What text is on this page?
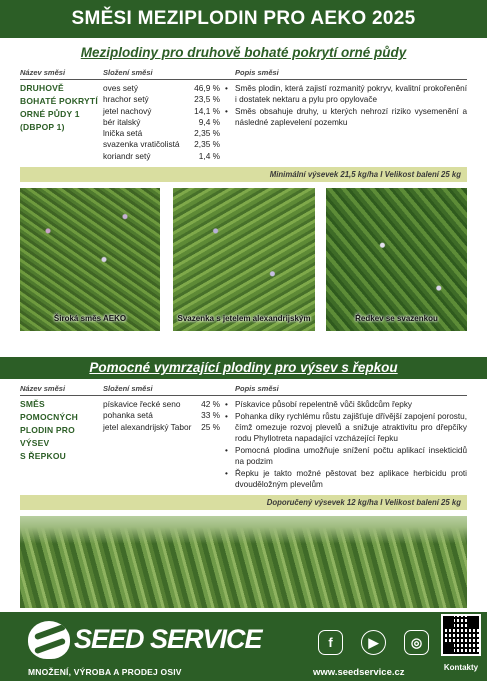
SMĚSI MEZIPLODIN PRO AEKO 2025
Meziplodiny pro druhově bohaté pokrytí orné půdy
Název směsi	Složení směsi	Popis směsi
DRUHOVĚ
BOHATÉ POKRYTÍ
ORNÉ PŮDY 1
(DBPOP 1)
oves setý	46,9 %
hrachor setý	23,5 %
jetel nachový	14,1 %
bér italský	9,4 %
lnička setá	2,35 %
svazenka vratičolistá 2,35 %
koriandr setý	1,4 %
• Směs plodin, která zajistí rozmanitý pokryv, kvalitní prokořenění i dostatek nektaru a pylu pro opylovače
• Směs obsahuje druhy, u kterých nehrozí riziko vysemenění a následné zaplevelení pozemku
Minimální výsevek 21,5 kg/ha I Velikost balení 25 kg
Široká směs AEKO	Svazenka s jetelem alexandrijským	Ředkev se svazenkou
Pomocné vymrzající plodiny pro výsev s řepkou
Název směsi	Složení směsi	Popis směsi
SMĚS POMOCNÝCH
PLODIN PRO VÝSEV
S ŘEPKOU
pískavice řecké seno 42 %
pohanka setá	33 %
jetel alexandrijský Tabor 25 %
• Pískavice působí repelentně vůči škůdcům řepky
• Pohanka díky rychlému růstu zajišťuje dřívější zapojení porostu, čímž omezuje rozvoj plevelů a snižuje atraktivitu pro dřepčíky rodu Phyllotreta napadající vzcházející řepku
• Pomocná plodina umožňuje snížení počtu aplikací insekticidů na podzim
• Řepku je takto možné pěstovat bez aplikace herbicidu proti dvouděložným plevelům
Doporučený výsevek 12 kg/ha I Velikost balení 25 kg
SEED SERVICE
MNOŽENÍ, VÝROBA A PRODEJ OSIV
f	▶	◎
www.seedservice.cz	Kontakty
